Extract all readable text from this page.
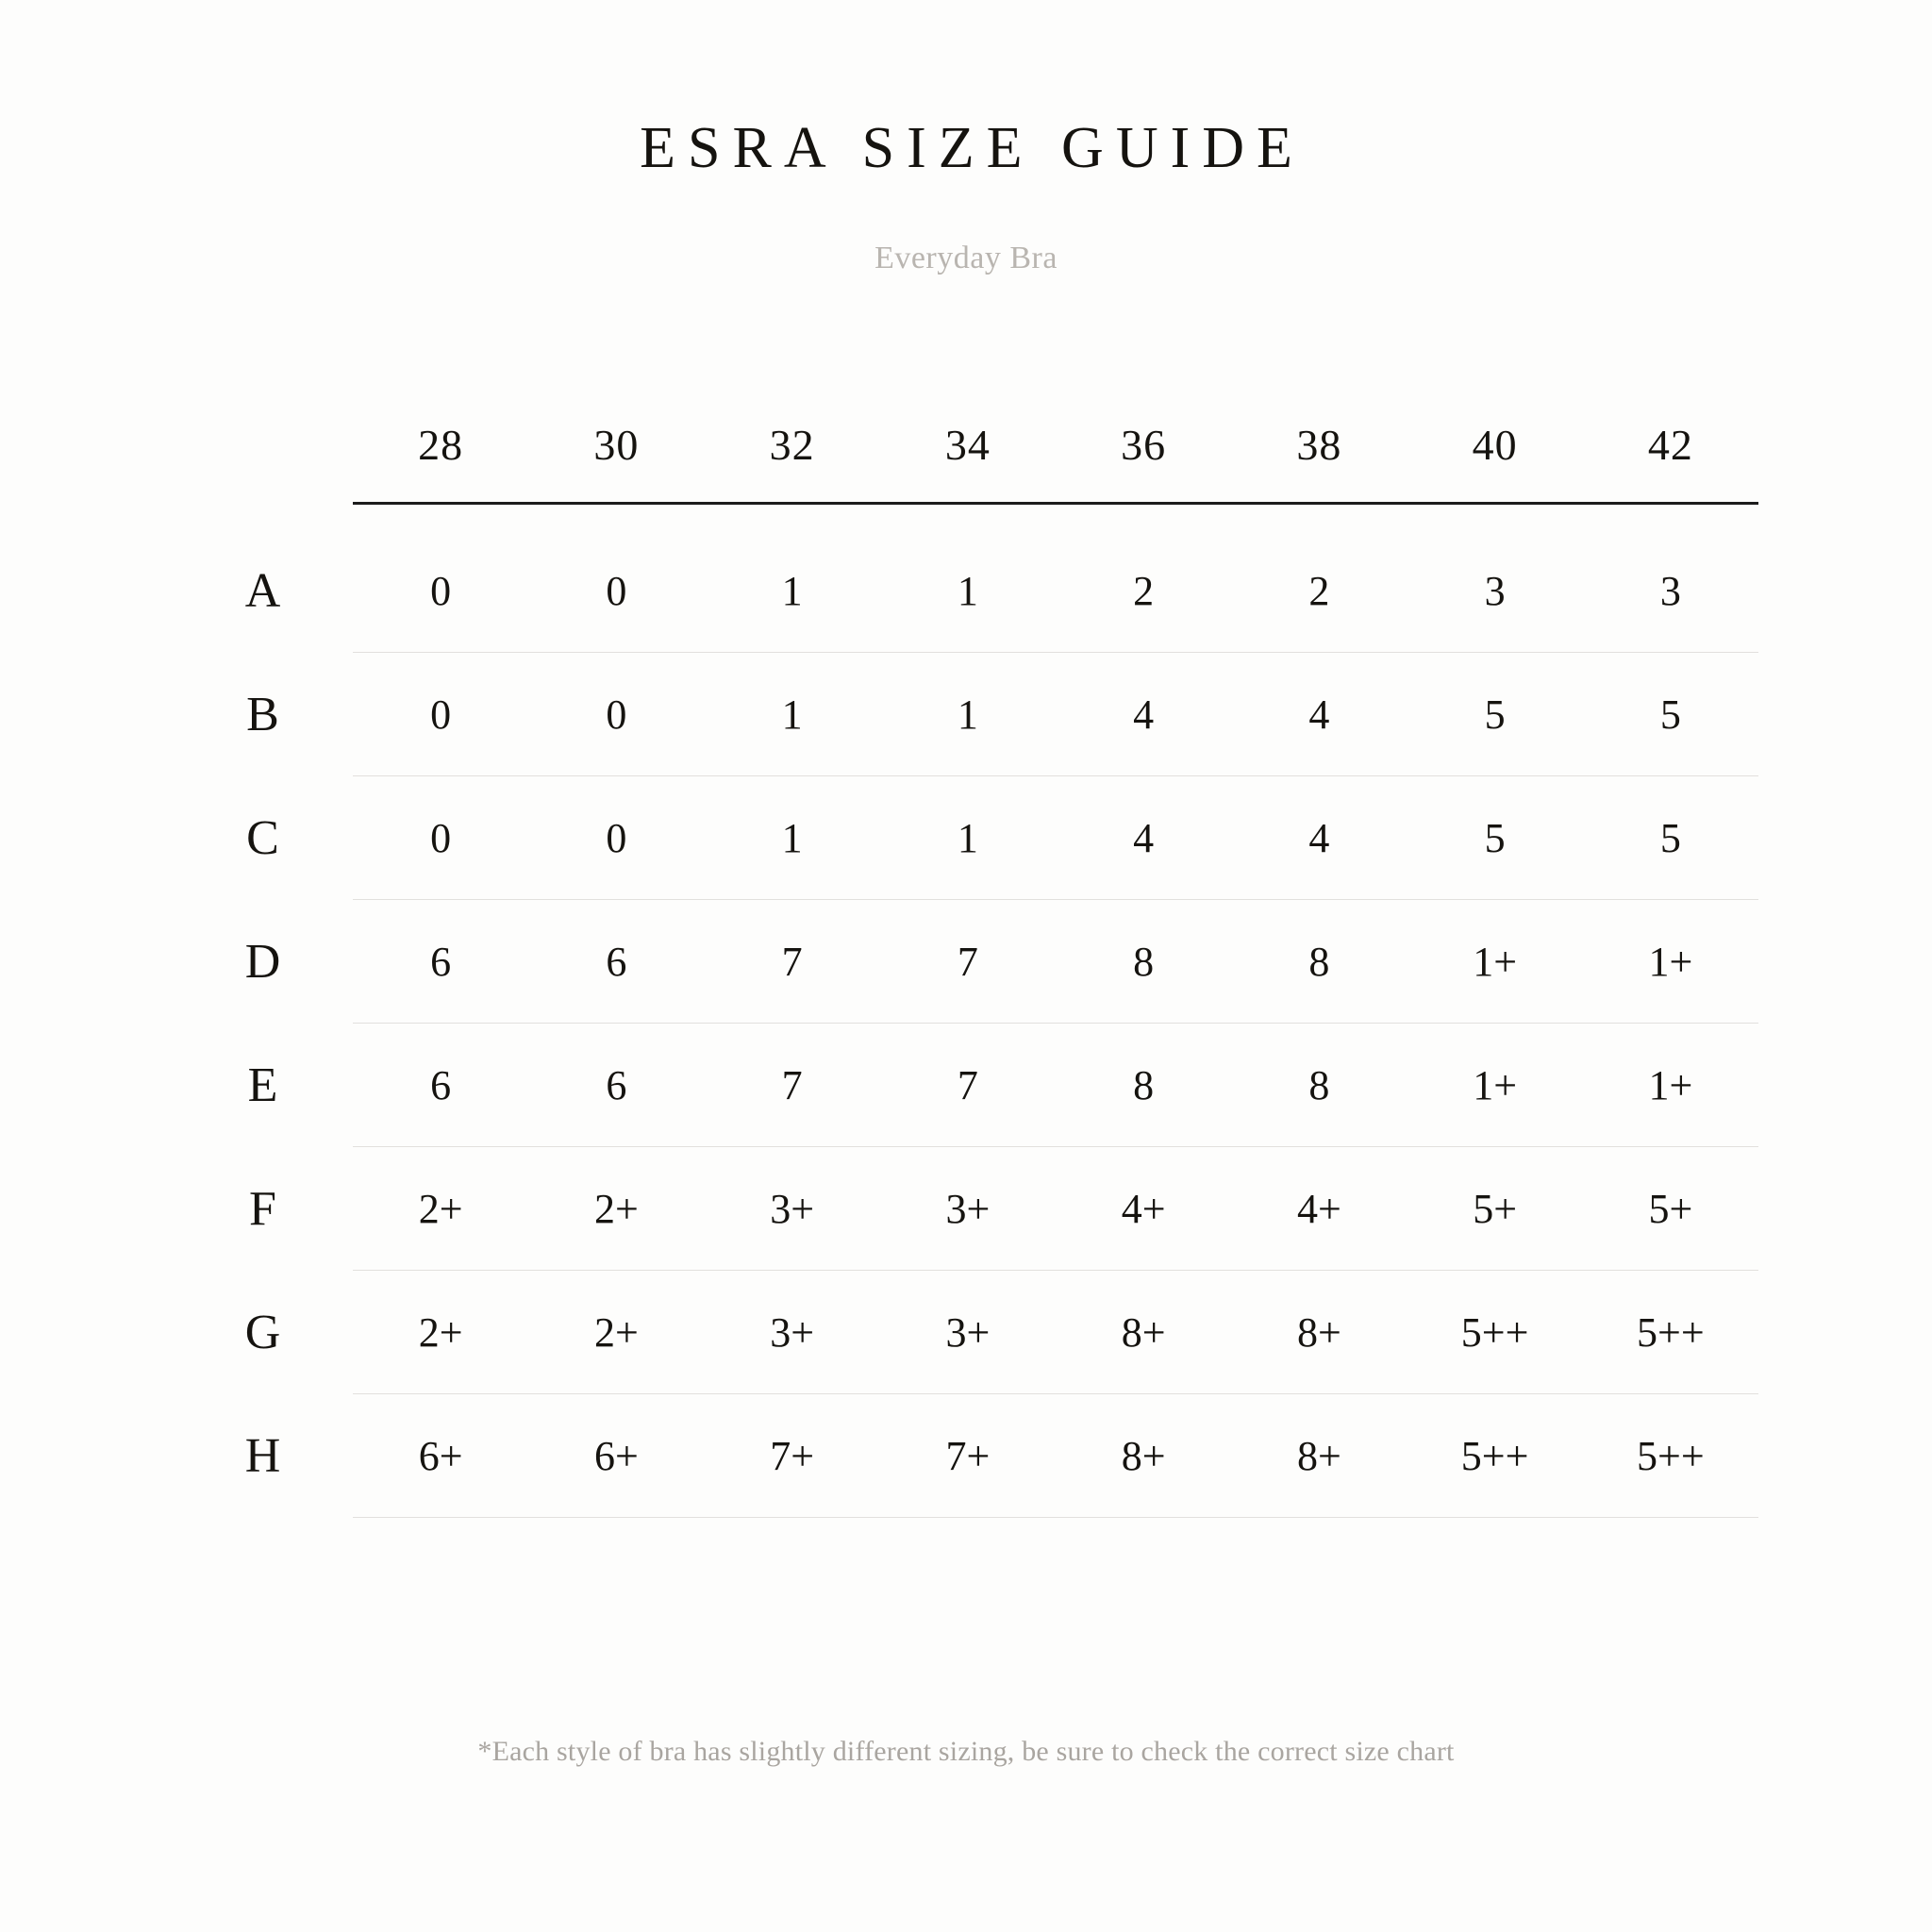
ESRA SIZE GUIDE
Everyday Bra
	28	30	32	34	36	38	40	42

A	0	0	1	1	2	2	3	3
B	0	0	1	1	4	4	5	5
C	0	0	1	1	4	4	5	5
D	6	6	7	7	8	8	1+	1+
E	6	6	7	7	8	8	1+	1+
F	2+	2+	3+	3+	4+	4+	5+	5+
G	2+	2+	3+	3+	8+	8+	5++	5++
H	6+	6+	7+	7+	8+	8+	5++	5++
*Each style of bra has slightly different sizing, be sure to check the correct size chart
